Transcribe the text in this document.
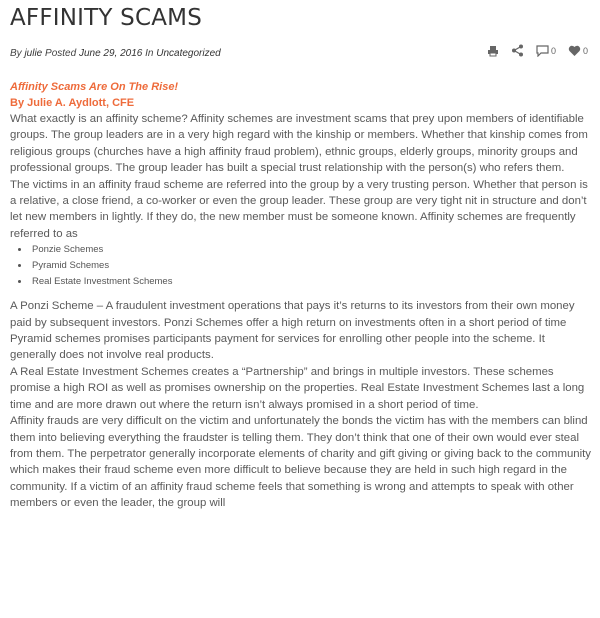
AFFINITY SCAMS
By julie Posted June 29, 2016 In Uncategorized	0	0
Affinity Scams Are On The Rise!
By Julie A. Aydlott, CFE

What exactly is an affinity scheme? Affinity schemes are investment scams that prey upon members of identifiable groups. The group leaders are in a very high regard with the kinship or members. Whether that kinship comes from religious groups (churches have a high affinity fraud problem), ethnic groups, elderly groups, minority groups and professional groups. The group leader has built a special trust relationship with the person(s) who refers them.

The victims in an affinity fraud scheme are referred into the group by a very trusting person. Whether that person is a relative, a close friend, a co-worker or even the group leader. These group are very tight nit in structure and don’t let new members in lightly. If they do, the new member must be someone known. Affinity schemes are frequently referred to as

• Ponzie Schemes
• Pyramid Schemes
• Real Estate Investment Schemes

A Ponzi Scheme – A fraudulent investment operations that pays it’s returns to its investors from their own money paid by subsequent investors. Ponzi Schemes offer a high return on investments often in a short period of time

Pyramid schemes promises participants payment for services for enrolling other people into the scheme. It generally does not involve real products.

A Real Estate Investment Schemes creates a “Partnership” and brings in multiple investors. These schemes promise a high ROI as well as promises ownership on the properties. Real Estate Investment Schemes last a long time and are more drawn out where the return isn’t always promised in a short period of time.

Affinity frauds are very difficult on the victim and unfortunately the bonds the victim has with the members can blind them into believing everything the fraudster is telling them. They don’t think that one of their own would ever steal from them. The perpetrator generally incorporate elements of charity and gift giving or giving back to the community which makes their fraud scheme even more difficult to believe because they are held in such high regard in the community. If a victim of an affinity fraud scheme feels that something is wrong and attempts to speak with other members or even the leader, the group will
